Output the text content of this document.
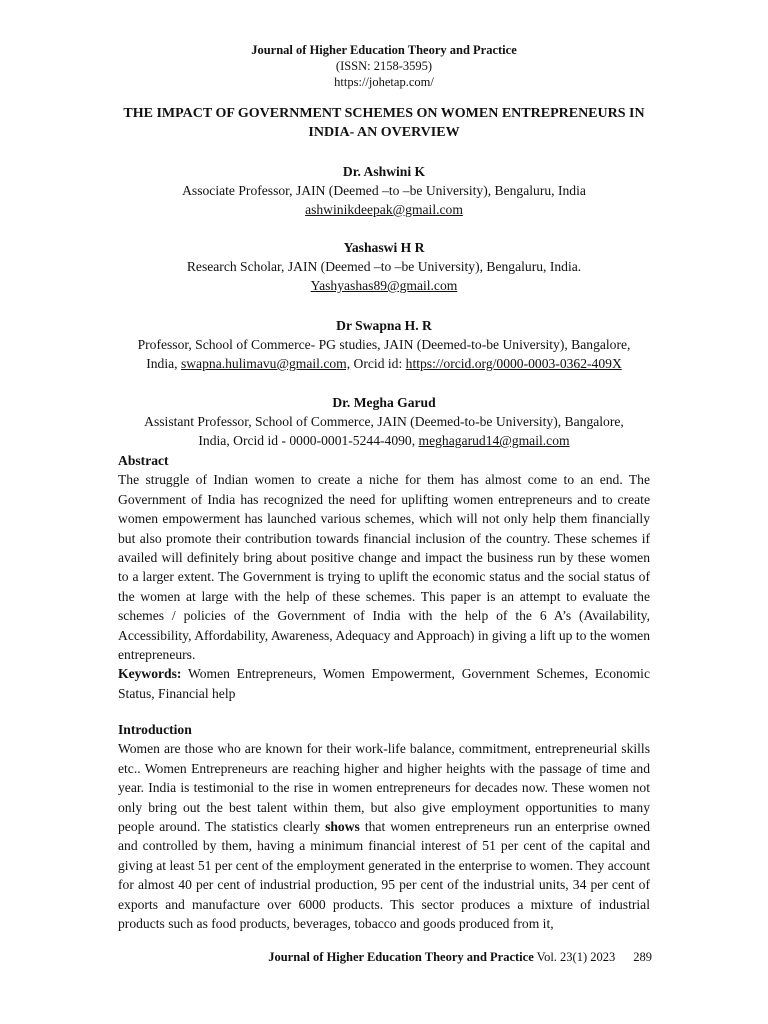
Journal of Higher Education Theory and Practice
(ISSN: 2158-3595)
https://johetap.com/
THE IMPACT OF GOVERNMENT SCHEMES ON WOMEN ENTREPRENEURS IN
INDIA- AN OVERVIEW
Dr. Ashwini K
Associate Professor, JAIN (Deemed –to –be University), Bengaluru, India
ashwinikdeepak@gmail.com
Yashaswi H R
Research Scholar, JAIN (Deemed –to –be University), Bengaluru, India.
Yashyashas89@gmail.com
Dr Swapna H. R
Professor, School of Commerce- PG studies, JAIN (Deemed-to-be University), Bangalore,
India, swapna.hulimavu@gmail.com, Orcid id: https://orcid.org/0000-0003-0362-409X
Dr. Megha Garud
Assistant Professor, School of Commerce, JAIN (Deemed-to-be University), Bangalore,
India, Orcid id - 0000-0001-5244-4090, meghagarud14@gmail.com
Abstract

The struggle of Indian women to create a niche for them has almost come to an end. The Government of India has recognized the need for uplifting women entrepreneurs and to create women empowerment has launched various schemes, which will not only help them financially but also promote their contribution towards financial inclusion of the country. These schemes if availed will definitely bring about positive change and impact the business run by these women to a larger extent. The Government is trying to uplift the economic status and the social status of the women at large with the help of these schemes. This paper is an attempt to evaluate the schemes / policies of the Government of India with the help of the 6 A’s (Availability, Accessibility, Affordability, Awareness, Adequacy and Approach) in giving a lift up to the women entrepreneurs.

Keywords: Women Entrepreneurs, Women Empowerment, Government Schemes, Economic Status, Financial help

Introduction

Women are those who are known for their work-life balance, commitment, entrepreneurial skills etc.. Women Entrepreneurs are reaching higher and higher heights with the passage of time and year. India is testimonial to the rise in women entrepreneurs for decades now. These women not only bring out the best talent within them, but also give employment opportunities to many people around. The statistics clearly shows that women entrepreneurs run an enterprise owned and controlled by them, having a minimum financial interest of 51 per cent of the capital and giving at least 51 per cent of the employment generated in the enterprise to women. They account for almost 40 per cent of industrial production, 95 per cent of the industrial units, 34 per cent of exports and manufacture over 6000 products. This sector produces a mixture of industrial products such as food products, beverages, tobacco and goods produced from it,

Journal of Higher Education Theory and Practice Vol. 23(1) 2023 289
